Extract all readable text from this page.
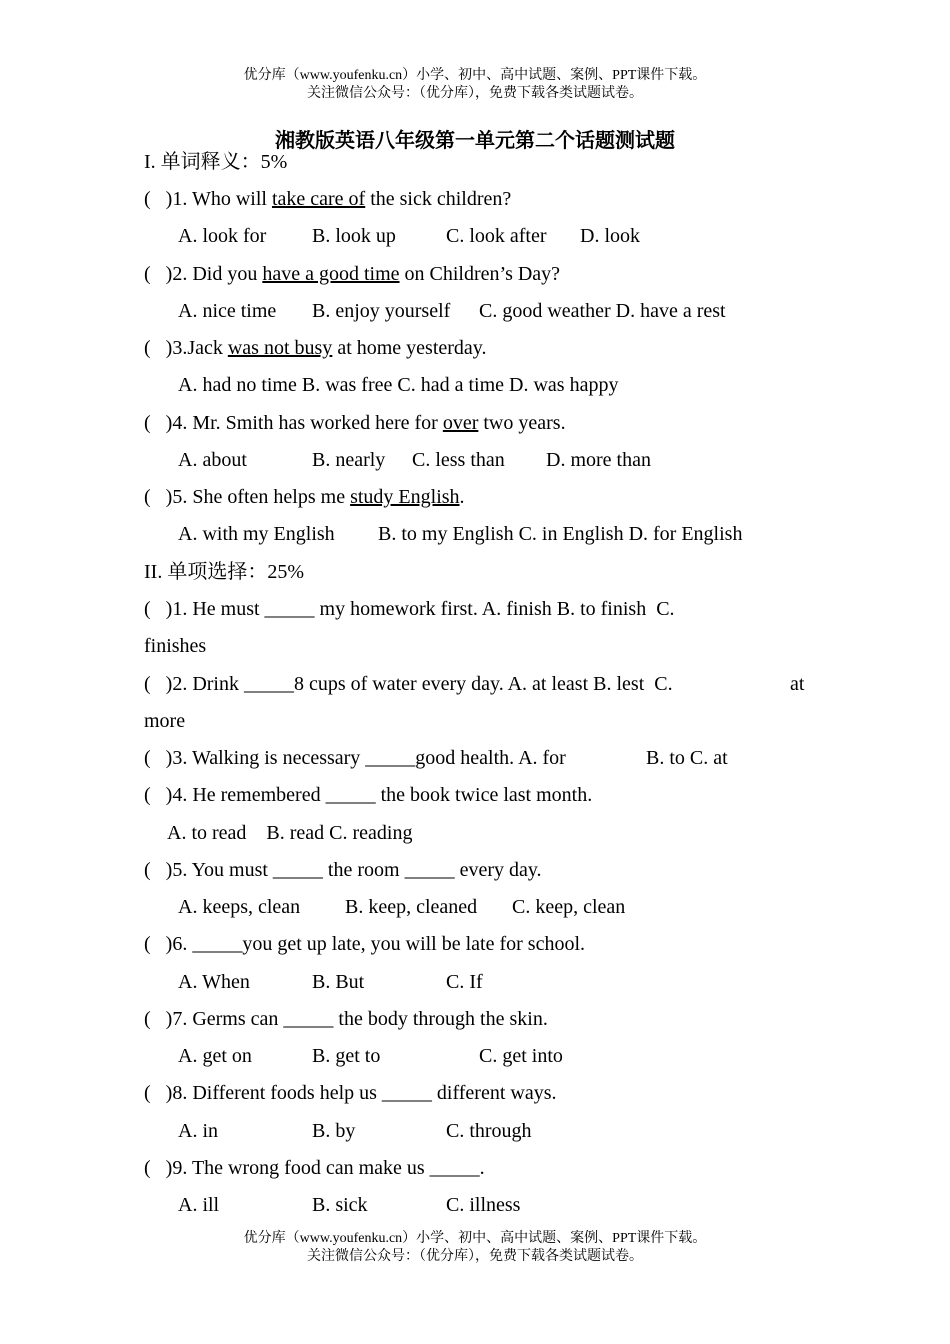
优分库（www.youfenku.cn）小学、初中、高中试题、案例、PPT课件下载。
关注微信公众号：（优分库），免费下载各类试题试卷。
湘教版英语八年级第一单元第二个话题测试题
I. 单词释义：5%
(   )1. Who will take care of the sick children?
A. look for B. look up	C. look after D. look
(   )2. Did you have a good time on Children’s Day?
A. nice time B. enjoy yourself C. good weather D. have a rest
(   )3.Jack was not busy at home yesterday.
A. had no time B. was free C. had a time D. was happy
(   )4. Mr. Smith has worked here for over two years.
A. about	B. nearly C. less than D. more than
(   )5. She often helps me study English.
A. with my English B. to my English C. in English D. for English
II. 单项选择：25%
(   )1. He must _____ my homework first. A. finish B. to finish  C.
finishes
(   )2. Drink _____8 cups of water every day. A. at least B. lest  C.	at
more
(   )3. Walking is necessary _____good health. A. for	B. to C. at
(   )4. He remembered _____ the book twice last month.
A. to read    B. read C. reading
(   )5. You must _____ the room _____ every day.
A. keeps, clean B. keep, cleaned C. keep, clean
(   )6. _____you get up late, you will be late for school.
A. When	B. But	C. If
(   )7. Germs can _____ the body through the skin.
A. get on	B. get to	C. get into
(   )8. Different foods help us _____ different ways.
A. in	B. by	C. through
(   )9. The wrong food can make us _____.
A. ill	B. sick	C. illness
优分库（www.youfenku.cn）小学、初中、高中试题、案例、PPT课件下载。
关注微信公众号：（优分库），免费下载各类试题试卷。
